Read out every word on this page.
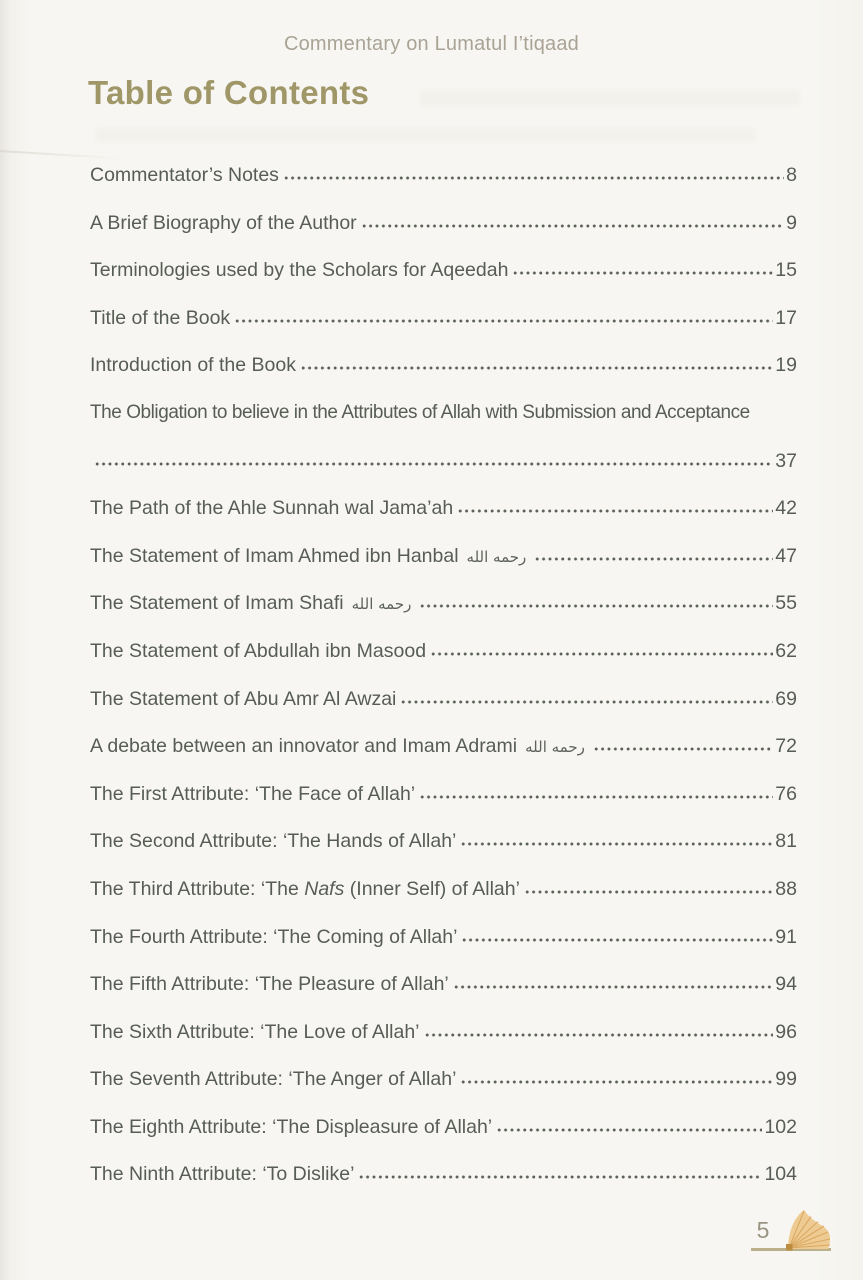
Commentary on Lumatul I’tiqaad
Table of Contents
Commentator’s Notes	8
A Brief Biography of the Author	9
Terminologies used by the Scholars for Aqeedah	15
Title of the Book	17
Introduction of the Book	19
The Obligation to believe in the Attributes of Allah with Submission and Acceptance
37
The Path of the Ahle Sunnah wal Jama’ah	42
The Statement of Imam Ahmed ibn Hanbal رحمه الله	47
The Statement of Imam Shafi رحمه الله	55
The Statement of Abdullah ibn Masood	62
The Statement of Abu Amr Al Awzai	69
A debate between an innovator and Imam Adrami رحمه الله	72
The First Attribute: ‘The Face of Allah’	76
The Second Attribute: ‘The Hands of Allah’	81
The Third Attribute: ‘The Nafs (Inner Self) of Allah’	88
The Fourth Attribute: ‘The Coming of Allah’	91
The Fifth Attribute: ‘The Pleasure of Allah’	94
The Sixth Attribute: ‘The Love of Allah’	96
The Seventh Attribute: ‘The Anger of Allah’	99
The Eighth Attribute: ‘The Displeasure of Allah’	102
The Ninth Attribute: ‘To Dislike’	104
5
